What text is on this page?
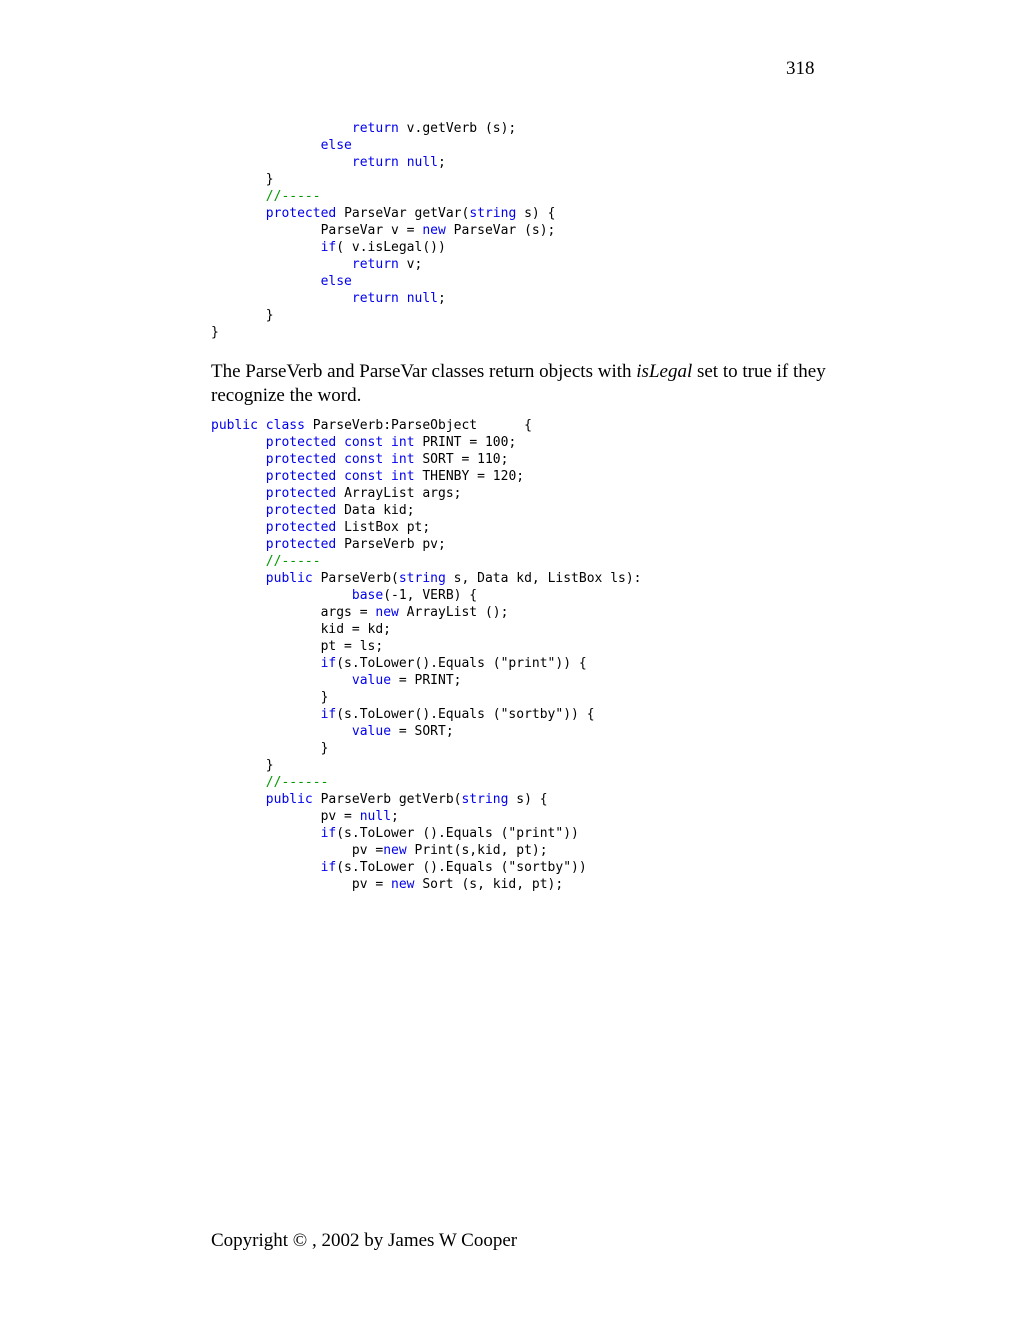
318
return v.getVerb (s);
else
return null;
}
//-----
protected ParseVar getVar(string s) {
ParseVar v = new ParseVar (s);
if( v.isLegal())
return v;
else
return null;
}
}
The ParseVerb and ParseVar classes return objects with isLegal set to true if they recognize the word.
public class ParseVerb:ParseObject      {
protected const int PRINT = 100;
protected const int SORT = 110;
protected const int THENBY = 120;
protected ArrayList args;
protected Data kid;
protected ListBox pt;
protected ParseVerb pv;
//-----
public ParseVerb(string s, Data kd, ListBox ls):
base(-1, VERB) {
args = new ArrayList ();
kid = kd;
pt = ls;
if(s.ToLower().Equals ("print")) {
value = PRINT;
}
if(s.ToLower().Equals ("sortby")) {
value = SORT;
}
}
//------
public ParseVerb getVerb(string s) {
pv = null;
if(s.ToLower ().Equals ("print"))
pv =new Print(s,kid, pt);
if(s.ToLower ().Equals ("sortby"))
pv = new Sort (s, kid, pt);
Copyright © , 2002 by James W Cooper
